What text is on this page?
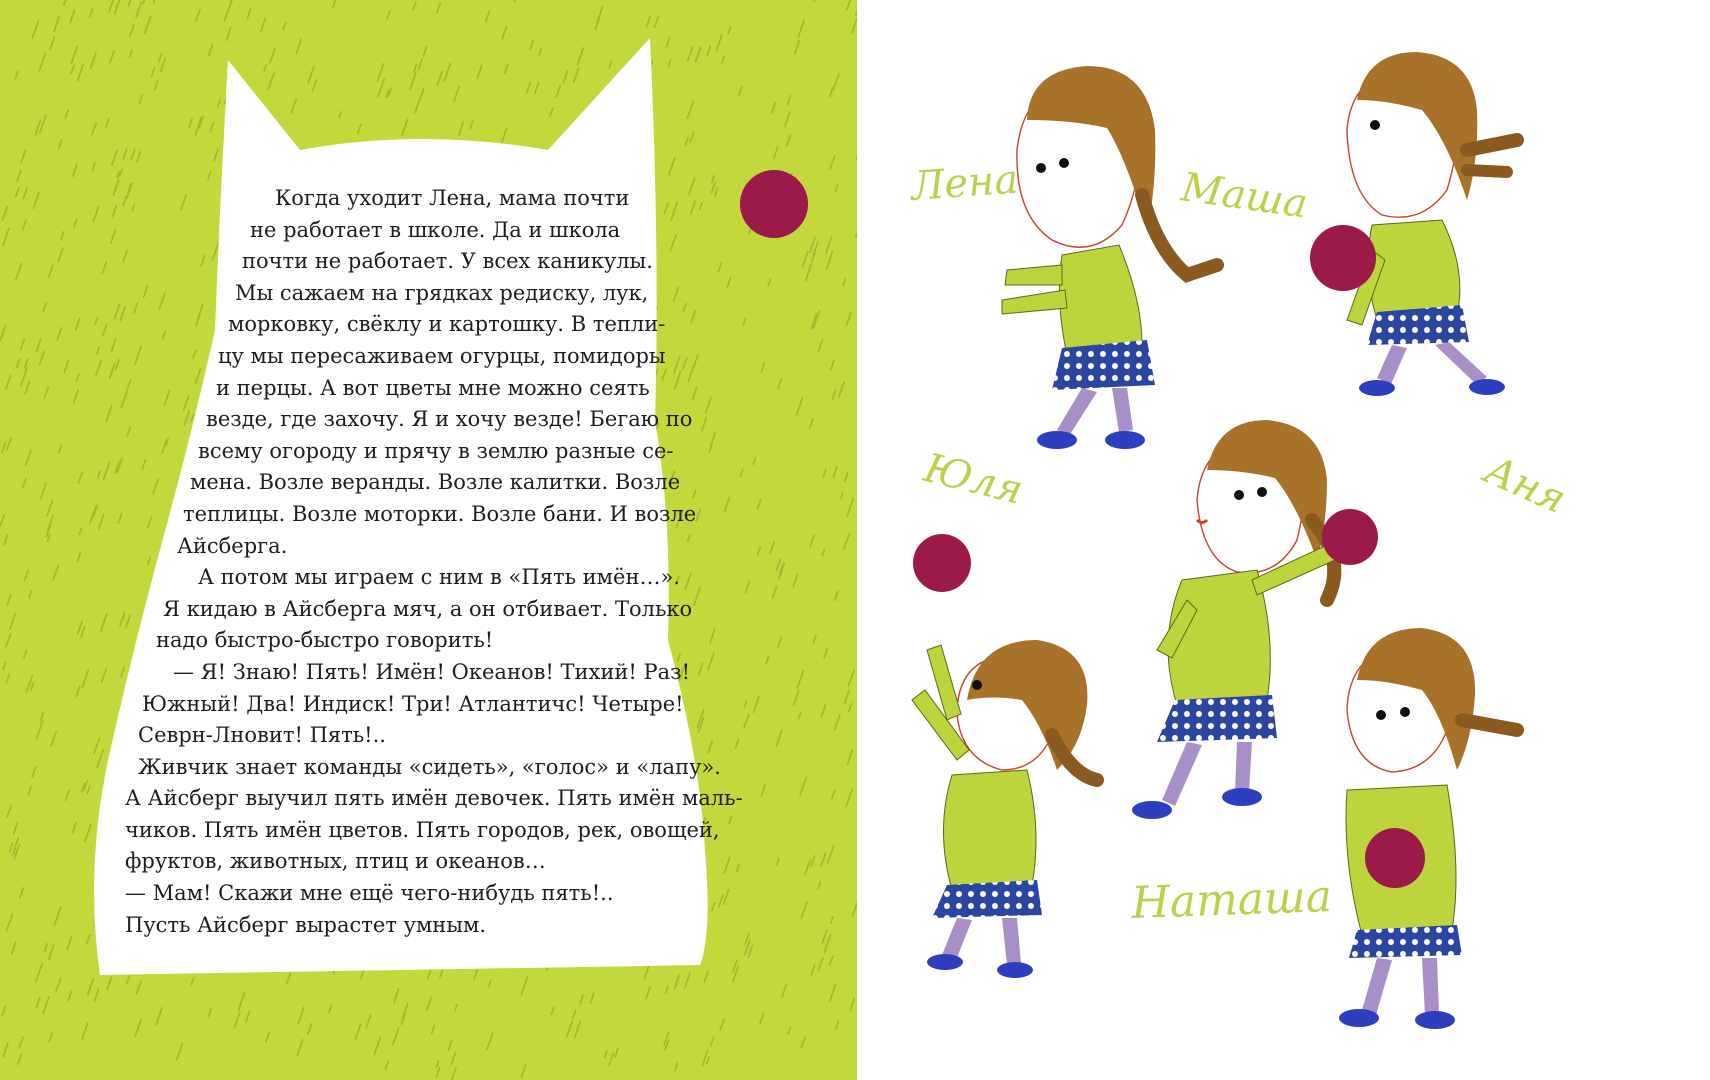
Когда уходит Лена, мама почти
не работает в школе. Да и школа
почти не работает. У всех каникулы.
Мы сажаем на грядках редиску, лук,
морковку, свёклу и картошку. В тепли-
цу мы пересаживаем огурцы, помидоры
и перцы. А вот цветы мне можно сеять
везде, где захочу. Я и хочу везде! Бегаю по
всему огороду и прячу в землю разные се-
мена. Возле веранды. Возле калитки. Возле
теплицы. Возле моторки. Возле бани. И возле
Айсберга.
А потом мы играем с ним в «Пять имён…».
Я кидаю в Айсберга мяч, а он отбивает. Только
надо быстро-быстро говорить!
— Я! Знаю! Пять! Имён! Океанов! Тихий! Раз!
Южный! Два! Индиск! Три! Атлантичс! Четыре!
Севрн-Лновит! Пять!..
Живчик знает команды «сидеть», «голос» и «лапу».
А Айсберг выучил пять имён девочек. Пять имён маль-
чиков. Пять имён цветов. Пять городов, рек, овощей,
фруктов, животных, птиц и океанов…
— Мам! Скажи мне ещё чего-нибудь пять!..
Пусть Айсберг вырастет умным.
Лена	Маша
Юля	Аня
Наташа
